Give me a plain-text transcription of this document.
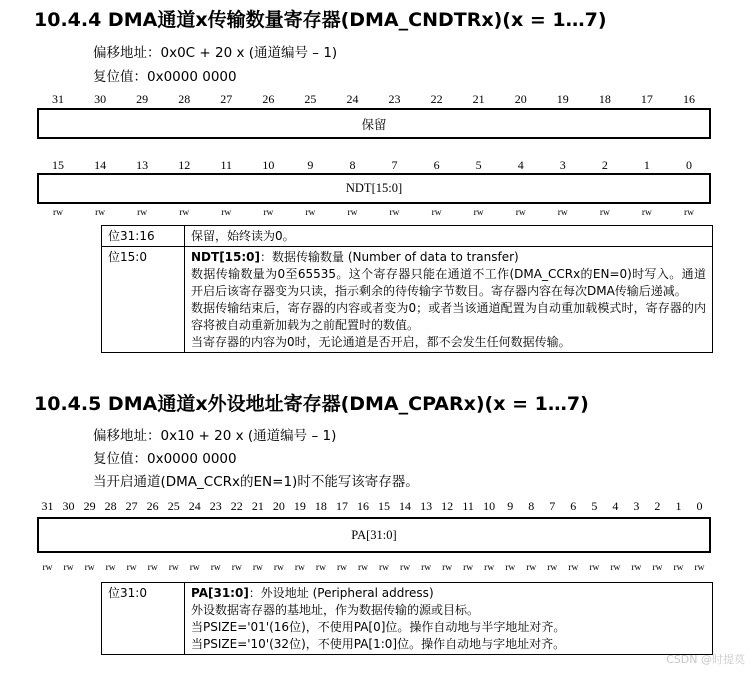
10.4.4 DMA通道x传输数量寄存器(DMA_CNDTRx)(x = 1…7)
偏移地址：0x0C + 20 x (通道编号 – 1)
复位值：0x0000 0000
31	30	29	28	27	26	25	24	23	22	21	20	19	18	17	16
保留
15	14	13	12	11	10	9	8	7	6	5	4	3	2	1	0
NDT[15:0]
rw	rw	rw	rw	rw	rw	rw	rw	rw	rw	rw	rw	rw	rw	rw	rw
位31:16	保留，始终读为0。
位15:0	NDT[15:0]：数据传输数量 (Number of data to transfer)
数据传输数量为0至65535。这个寄存器只能在通道不工作(DMA_CCRx的EN=0)时写入。通道开启后该寄存器变为只读，指示剩余的待传输字节数目。寄存器内容在每次DMA传输后递减。
数据传输结束后，寄存器的内容或者变为0；或者当该通道配置为自动重加载模式时，寄存器的内容将被自动重新加载为之前配置时的数值。
当寄存器的内容为0时，无论通道是否开启，都不会发生任何数据传输。
10.4.5 DMA通道x外设地址寄存器(DMA_CPARx)(x = 1…7)
偏移地址：0x10 + 20 x (通道编号 – 1)
复位值：0x0000 0000
当开启通道(DMA_CCRx的EN=1)时不能写该寄存器。
31 30 29 28 27 26 25 24 23 22 21 20 19 18 17 16 15 14 13 12 11 10 9 8 7 6 5 4 3 2 1 0
PA[31:0]
rw rw rw rw rw rw rw rw rw rw rw rw rw rw rw rw rw rw rw rw rw rw rw rw rw rw rw rw rw rw rw rw
位31:0	PA[31:0]：外设地址 (Peripheral address)
外设数据寄存器的基地址，作为数据传输的源或目标。
当PSIZE='01'(16位)，不使用PA[0]位。操作自动地与半字地址对齐。
当PSIZE='10'(32位)，不使用PA[1:0]位。操作自动地与字地址对齐。
CSDN @时提莫
